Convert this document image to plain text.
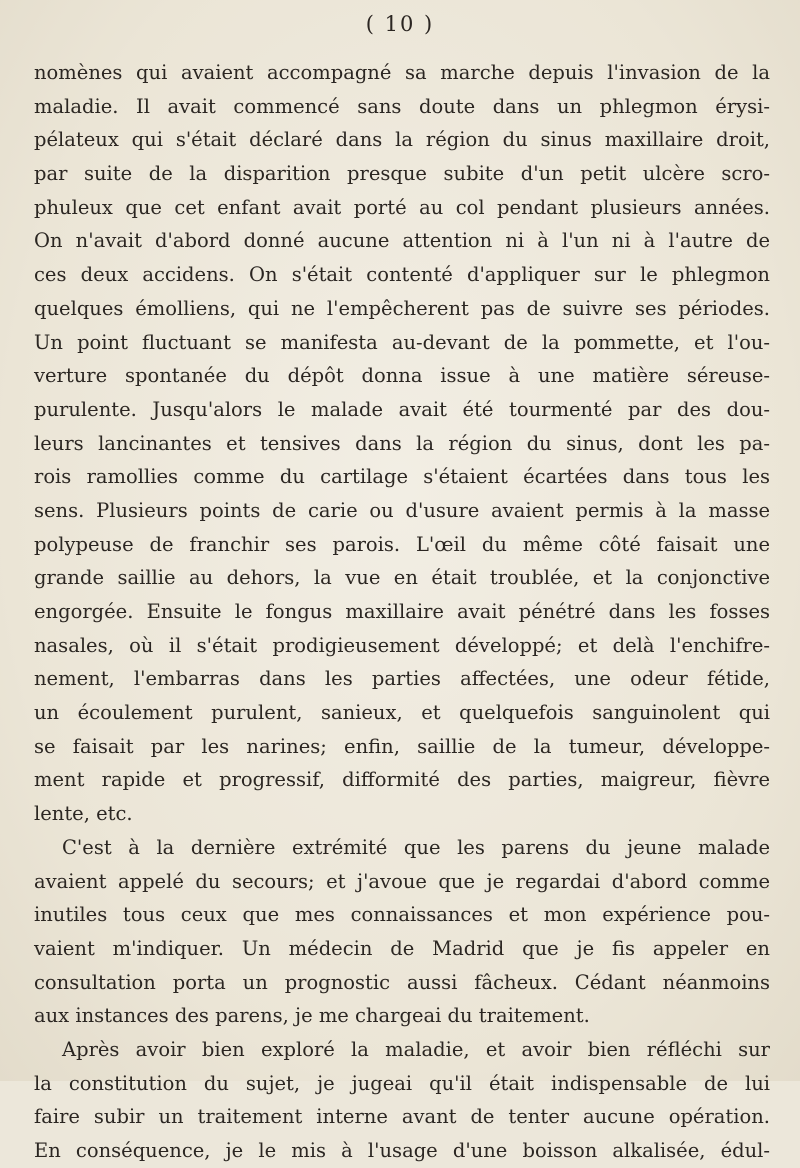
( 10 )
nomènes qui avaient accompagné sa marche depuis l'invasion de la
maladie. Il avait commencé sans doute dans un phlegmon érysi-
pélateux qui s'était déclaré dans la région du sinus maxillaire droit,
par suite de la disparition presque subite d'un petit ulcère scro-
phuleux que cet enfant avait porté au col pendant plusieurs années.
On n'avait d'abord donné aucune attention ni à l'un ni à l'autre de
ces deux accidens. On s'était contenté d'appliquer sur le phlegmon
quelques émolliens, qui ne l'empêcherent pas de suivre ses périodes.
Un point fluctuant se manifesta au-devant de la pommette, et l'ou-
verture spontanée du dépôt donna issue à une matière séreuse-
purulente. Jusqu'alors le malade avait été tourmenté par des dou-
leurs lancinantes et tensives dans la région du sinus, dont les pa-
rois ramollies comme du cartilage s'étaient écartées dans tous les
sens. Plusieurs points de carie ou d'usure avaient permis à la masse
polypeuse de franchir ses parois. L'œil du même côté faisait une
grande saillie au dehors, la vue en était troublée, et la conjonctive
engorgée. Ensuite le fongus maxillaire avait pénétré dans les fosses
nasales, où il s'était prodigieusement développé; et delà l'enchifre-
nement, l'embarras dans les parties affectées, une odeur fétide,
un écoulement purulent, sanieux, et quelquefois sanguinolent qui
se faisait par les narines; enfin, saillie de la tumeur, développe-
ment rapide et progressif, difformité des parties, maigreur, fièvre
lente, etc.
C'est à la dernière extrémité que les parens du jeune malade
avaient appelé du secours; et j'avoue que je regardai d'abord comme
inutiles tous ceux que mes connaissances et mon expérience pou-
vaient m'indiquer. Un médecin de Madrid que je fis appeler en
consultation porta un prognostic aussi fâcheux. Cédant néanmoins
aux instances des parens, je me chargeai du traitement.
Après avoir bien exploré la maladie, et avoir bien réfléchi sur
la constitution du sujet, je jugeai qu'il était indispensable de lui
faire subir un traitement interne avant de tenter aucune opération.
En conséquence, je le mis à l'usage d'une boisson alkalisée, édul-
